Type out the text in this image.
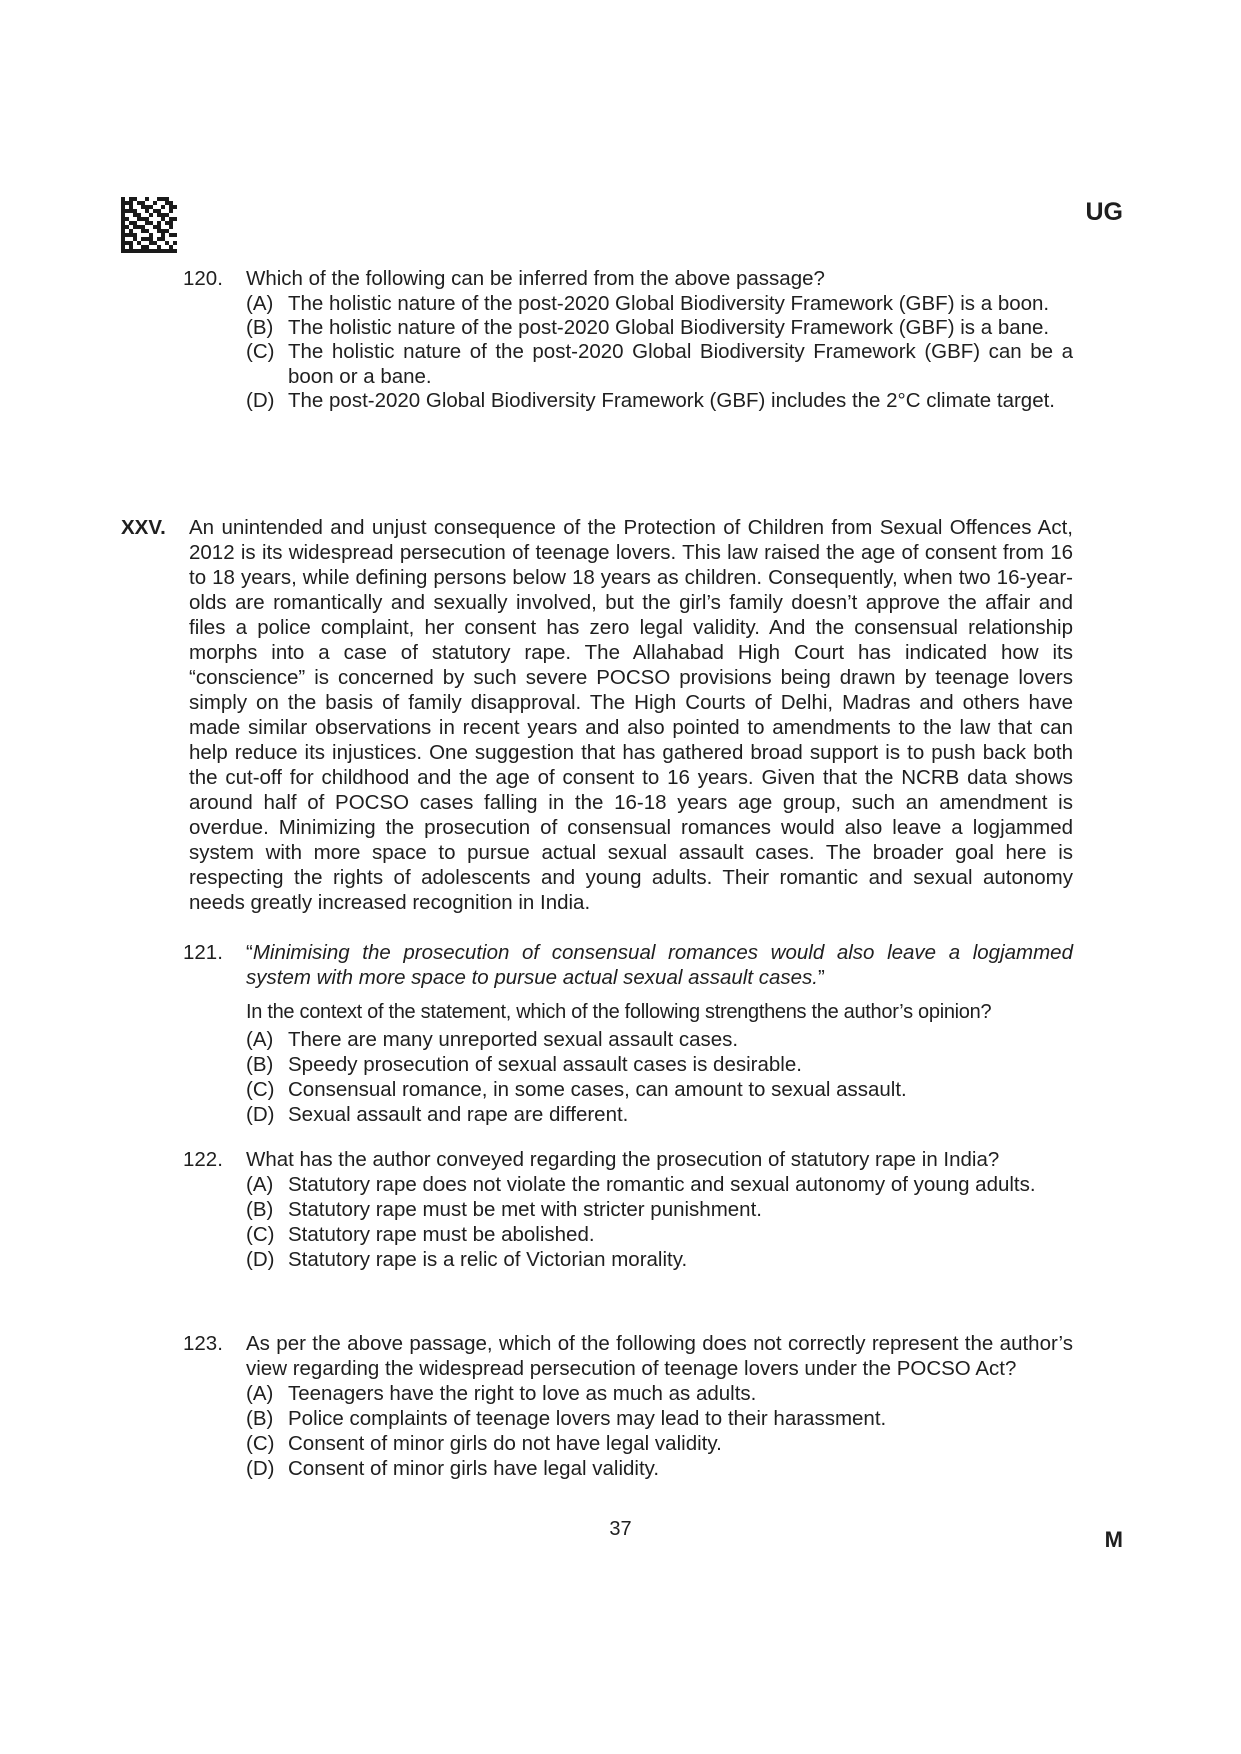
UG
120.	Which of the following can be inferred from the above passage?
(A) The holistic nature of the post-2020 Global Biodiversity Framework (GBF) is a boon.
(B) The holistic nature of the post-2020 Global Biodiversity Framework (GBF) is a bane.
(C) The holistic nature of the post-2020 Global Biodiversity Framework (GBF) can be a boon or a bane.
(D) The post-2020 Global Biodiversity Framework (GBF) includes the 2°C climate target.
XXV. An unintended and unjust consequence of the Protection of Children from Sexual Offences Act, 2012 is its widespread persecution of teenage lovers. This law raised the age of consent from 16 to 18 years, while defining persons below 18 years as children. Consequently, when two 16-year-olds are romantically and sexually involved, but the girl’s family doesn’t approve the affair and files a police complaint, her consent has zero legal validity. And the consensual relationship morphs into a case of statutory rape. The Allahabad High Court has indicated how its “conscience” is concerned by such severe POCSO provisions being drawn by teenage lovers simply on the basis of family disapproval. The High Courts of Delhi, Madras and others have made similar observations in recent years and also pointed to amendments to the law that can help reduce its injustices. One suggestion that has gathered broad support is to push back both the cut-off for childhood and the age of consent to 16 years. Given that the NCRB data shows around half of POCSO cases falling in the 16-18 years age group, such an amendment is overdue. Minimizing the prosecution of consensual romances would also leave a logjammed system with more space to pursue actual sexual assault cases. The broader goal here is respecting the rights of adolescents and young adults. Their romantic and sexual autonomy needs greatly increased recognition in India.
121.	“Minimising the prosecution of consensual romances would also leave a logjammed system with more space to pursue actual sexual assault cases.”
In the context of the statement, which of the following strengthens the author’s opinion?
(A) There are many unreported sexual assault cases.
(B) Speedy prosecution of sexual assault cases is desirable.
(C) Consensual romance, in some cases, can amount to sexual assault.
(D) Sexual assault and rape are different.
122.	What has the author conveyed regarding the prosecution of statutory rape in India?
(A) Statutory rape does not violate the romantic and sexual autonomy of young adults.
(B) Statutory rape must be met with stricter punishment.
(C) Statutory rape must be abolished.
(D) Statutory rape is a relic of Victorian morality.
123.	As per the above passage, which of the following does not correctly represent the author’s view regarding the widespread persecution of teenage lovers under the POCSO Act?
(A) Teenagers have the right to love as much as adults.
(B) Police complaints of teenage lovers may lead to their harassment.
(C) Consent of minor girls do not have legal validity.
(D) Consent of minor girls have legal validity.
37	M
